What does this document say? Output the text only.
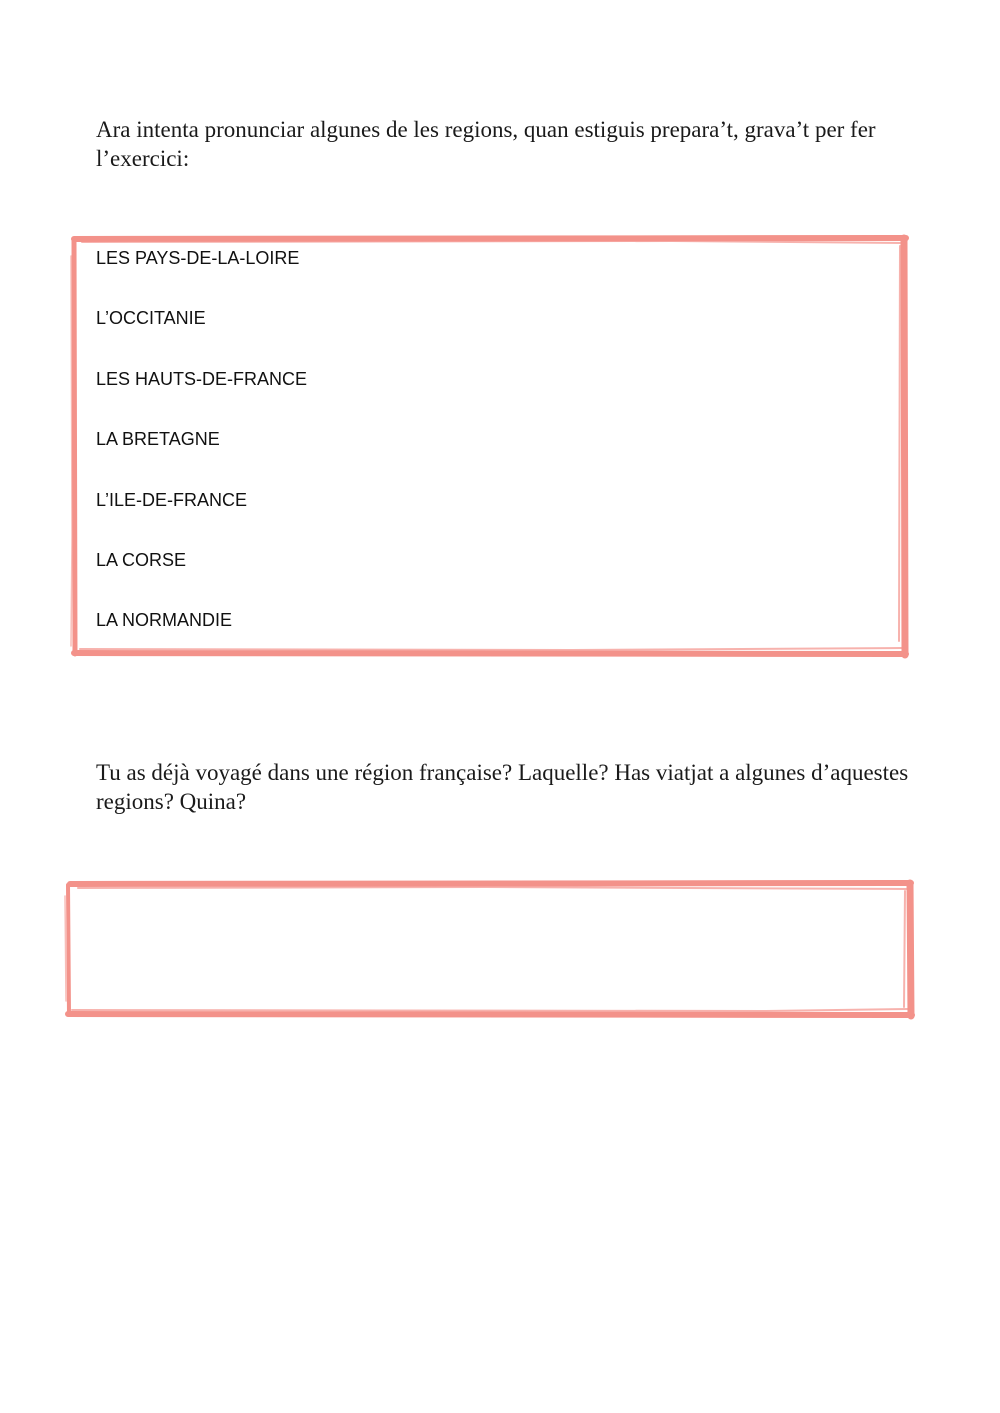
Ara intenta pronunciar algunes de les regions, quan estiguis prepara’t, grava’t per fer l’exercici:

LES PAYS-DE-LA-LOIRE
L’OCCITANIE
LES HAUTS-DE-FRANCE
LA BRETAGNE
L’ILE-DE-FRANCE
LA CORSE
LA NORMANDIE

Tu as déjà voyagé dans une région française? Laquelle? Has viatjat a algunes d’aquestes regions? Quina?
